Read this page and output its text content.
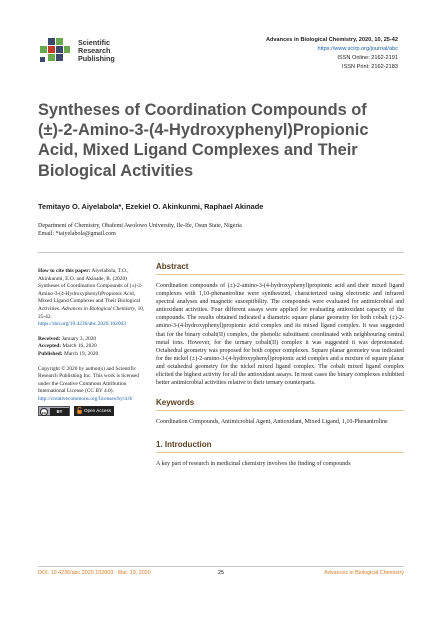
Scientific
Research
Publishing
Advances in Biological Chemistry, 2020, 10, 25-42
https://www.scirp.org/journal/abc
ISSN Online: 2162-2191
ISSN Print: 2162-2183
Syntheses of Coordination Compounds of (±)-2-Amino-3-(4-Hydroxyphenyl)Propionic Acid, Mixed Ligand Complexes and Their Biological Activities
Temitayo O. Aiyelabola*, Ezekiel O. Akinkunmi, Raphael Akinade
Department of Chemistry, Obafemi Awolowo University, Ile-Ife, Osun State, Nigeria
Email: *taiyelabola@gmail.com
How to cite this paper: Aiyelabola, T.O., Akinkunmi, E.O. and Akinade, R. (2020) Syntheses of Coordination Compounds of (±)-2-Amino-3-(4-Hydroxyphenyl)Propionic Acid, Mixed Ligand Complexes and Their Biological Activities. Advances in Biological Chemistry, 10, 25-42.
https://doi.org/10.4236/abc.2020.102003
Received: January 3, 2020
Accepted: March 16, 2020
Published: March 19, 2020
Copyright © 2020 by author(s) and Scientific Research Publishing Inc. This work is licensed under the Creative Commons Attribution International License (CC BY 4.0).
http://creativecommons.org/licenses/by/4.0/
cc	BY	Open Access
Abstract
Coordination compounds of (±)-2-amino-3-(4-hydroxyphenyl)propionic acid and their mixed ligand complexes with 1,10-phenantroline were synthesized, characterized using electronic and infrared spectral analyses and magnetic susceptibility. The compounds were evaluated for antimicrobial and antioxidant activities. Four different assays were applied for evaluating antioxidant capacity of the compounds. The results obtained indicated a diametric square planar geometry for both cobalt (±)-2-amino-3-(4-hydroxyphenyl)propionic acid complex and its mixed ligand complex. It was suggested that for the binary cobalt(II) complex, the phenolic substituent coordinated with neighbouring central metal ions. However, for the ternary cobalt(II) complex it was suggested it was deprotonated. Octahedral geometry was proposed for both copper complexes. Square planar geometry was indicated for the nickel (±)-2-amino-3-(4-hydroxyphenyl)propionic acid complex and a mixture of square planar and octahedral geometry for the nickel mixed ligand complex. The cobalt mixed ligand complex elicited the highest activity for all the antioxidant assays. In most cases the binary complexes exhibited better antimicrobial activities relative to their ternary counterparts.
Keywords
Coordination Compounds, Antimicrobial Agent, Antioxidant, Mixed Ligand, 1,10-Phenantroline
1. Introduction
A key part of research in medicinal chemistry involves the finding of compounds
DOI: 10.4236/abc.2020.102003 Mar. 19, 2020	25	Advances in Biological Chemistry
